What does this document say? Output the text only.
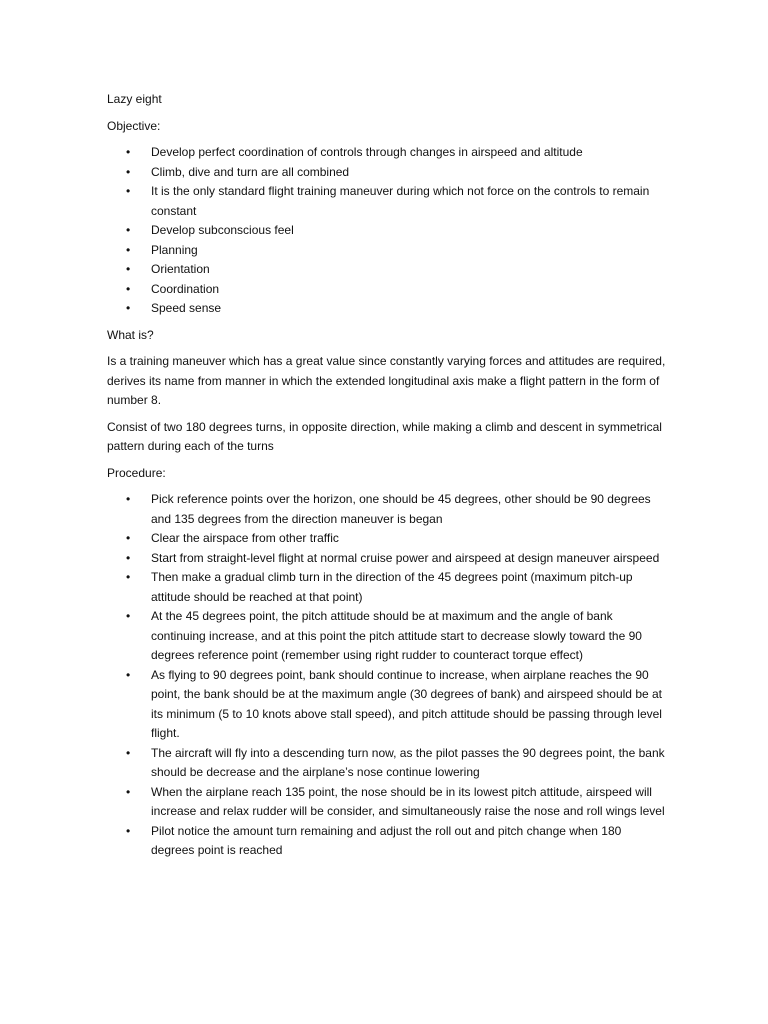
Lazy eight

Objective:

• Develop perfect coordination of controls through changes in airspeed and altitude
• Climb, dive and turn are all combined
• It is the only standard flight training maneuver during which not force on the controls to remain constant
• Develop subconscious feel
• Planning
• Orientation
• Coordination
• Speed sense

What is?

Is a training maneuver which has a great value since constantly varying forces and attitudes are required, derives its name from manner in which the extended longitudinal axis make a flight pattern in the form of number 8.

Consist of two 180 degrees turns, in opposite direction, while making a climb and descent in symmetrical pattern during each of the turns

Procedure:

• Pick reference points over the horizon, one should be 45 degrees, other should be 90 degrees and 135 degrees from the direction maneuver is began
• Clear the airspace from other traffic
• Start from straight-level flight at normal cruise power and airspeed at design maneuver airspeed
• Then make a gradual climb turn in the direction of the 45 degrees point (maximum pitch-up attitude should be reached at that point)
• At the 45 degrees point, the pitch attitude should be at maximum and the angle of bank continuing increase, and at this point the pitch attitude start to decrease slowly toward the 90 degrees reference point (remember using right rudder to counteract torque effect)
• As flying to 90 degrees point, bank should continue to increase, when airplane reaches the 90 point, the bank should be at the maximum angle (30 degrees of bank) and airspeed should be at its minimum (5 to 10 knots above stall speed), and pitch attitude should be passing through level flight.
• The aircraft will fly into a descending turn now, as the pilot passes the 90 degrees point, the bank should be decrease and the airplane’s nose continue lowering
• When the airplane reach 135 point, the nose should be in its lowest pitch attitude, airspeed will increase and relax rudder will be consider, and simultaneously raise the nose and roll wings level
• Pilot notice the amount turn remaining and adjust the roll out and pitch change when 180 degrees point is reached
